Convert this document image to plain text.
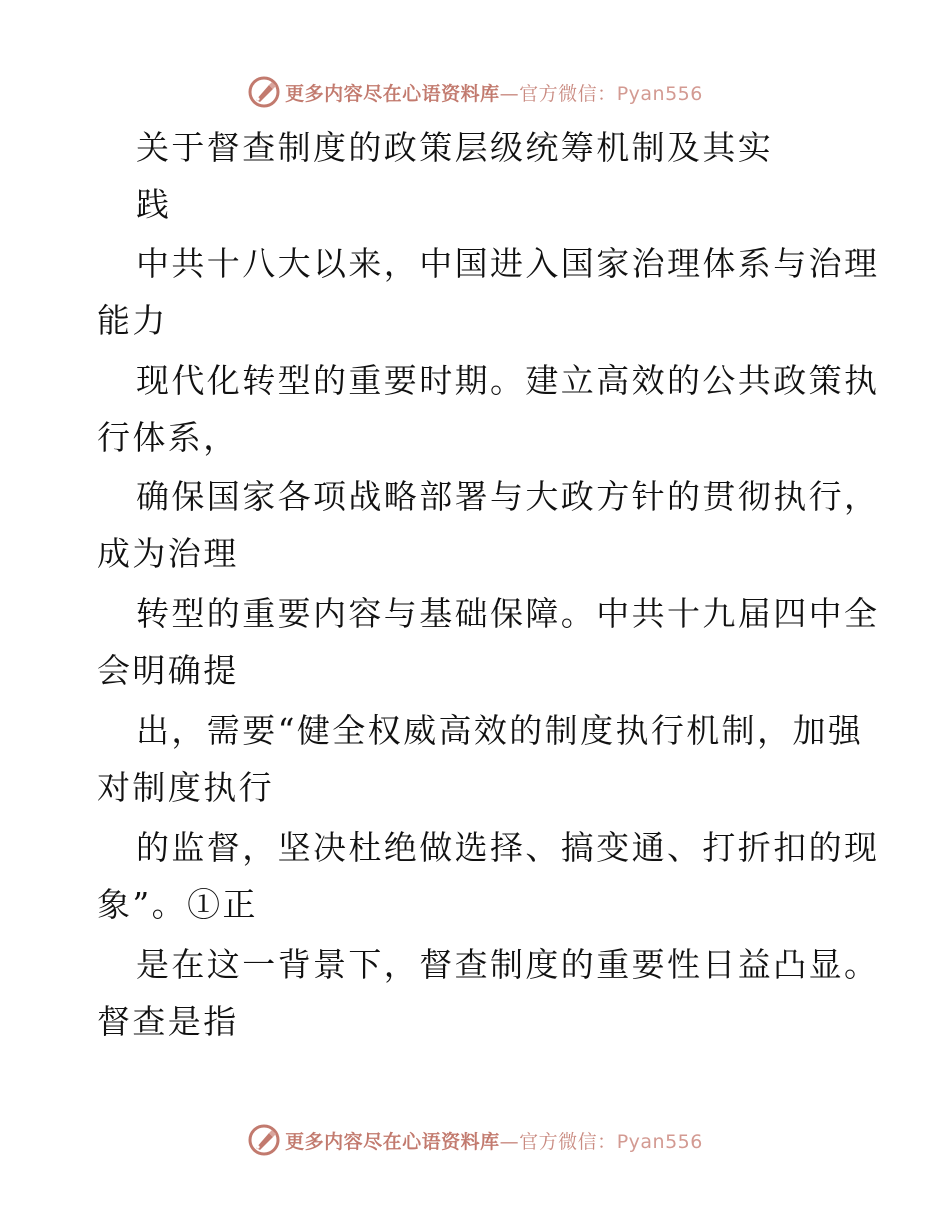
更多内容尽在心语资料库—官方微信：Pyan556
关于督查制度的政策层级统筹机制及其实
践
中共十八大以来，中国进入国家治理体系与治理
能力
现代化转型的重要时期。建立高效的公共政策执
行体系，
确保国家各项战略部署与大政方针的贯彻执行，
成为治理
转型的重要内容与基础保障。中共十九届四中全
会明确提
出，需要“健全权威高效的制度执行机制，加强
对制度执行
的监督，坚决杜绝做选择、搞变通、打折扣的现
象”。①正
是在这一背景下，督查制度的重要性日益凸显。
督查是指
更多内容尽在心语资料库—官方微信：Pyan556
